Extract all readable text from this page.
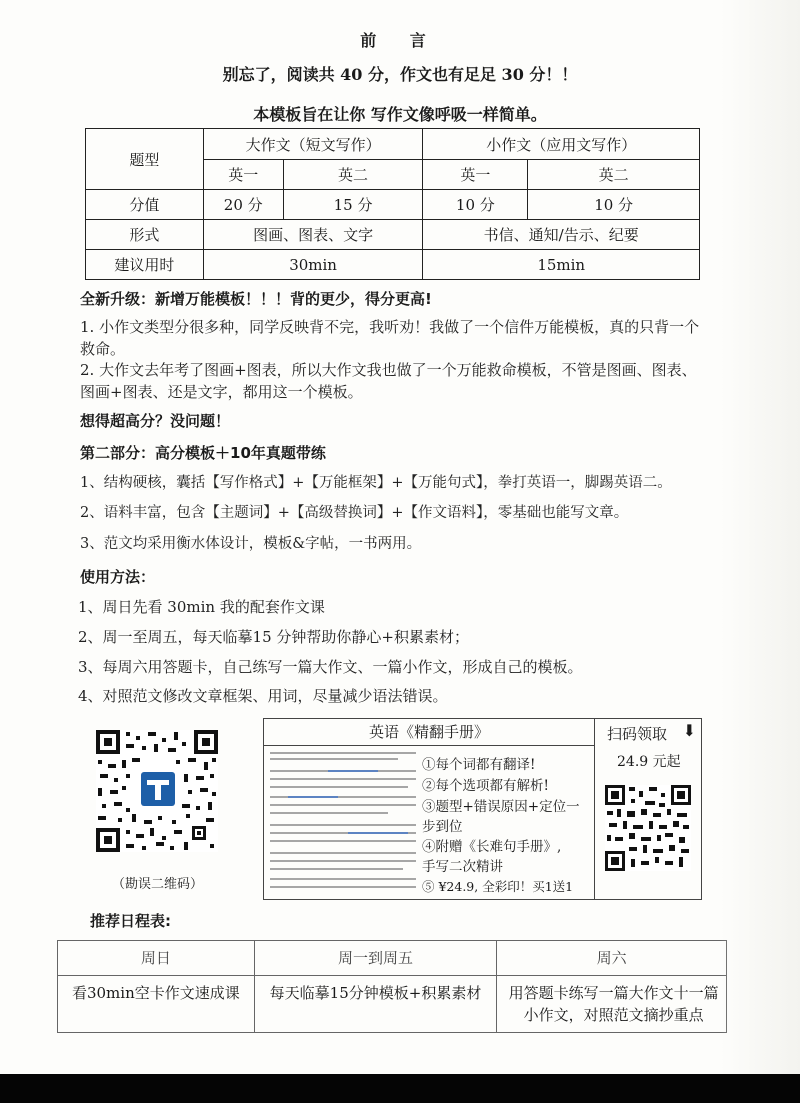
前 言
别忘了，阅读共 40 分，作文也有足足 30 分！！
本模板旨在让你 写作文像呼吸一样简单。
题型	大作文（短文写作）		小作文（应用文写作）	
	英一	英二	英一	英二
分值	20 分	15 分	10 分	10 分
形式	图画、图表、文字		书信、通知/告示、纪要	
建议用时	30min		15min	
全新升级：新增万能模板！！！背的更少，得分更高!
1. 小作文类型分很多种，同学反映背不完，我听劝！我做了一个信件万能模板，真的只背一个救命。
2. 大作文去年考了图画+图表，所以大作文我也做了一个万能救命模板，不管是图画、图表、图画+图表、还是文字，都用这一个模板。
想得超高分？没问题！
第二部分：高分模板＋10年真题带练
1、结构硬核，囊括【写作格式】+【万能框架】+【万能句式】，拳打英语一，脚踢英语二。
2、语料丰富，包含【主题词】+【高级替换词】+【作文语料】，零基础也能写文章。
3、范文均采用衡水体设计，模板&字帖，一书两用。
使用方法：
1、周日先看 30min 我的配套作文课
2、周一至周五，每天临摹15 分钟帮助你静心+积累素材；
3、每周六用答题卡，自己练写一篇大作文、一篇小作文，形成自己的模板。
4、对照范文修改文章框架、用词，尽量减少语法错误。
（勘误二维码）
英语《精翻手册》
①每个词都有翻译!
②每个选项都有解析!
③题型+错误原因+定位一
步到位
④附赠《长难句手册》,
手写二次精讲
⑤ ¥24.9, 全彩印！买1送1
扫码领取 ⬇
24.9 元起
推荐日程表:
周日	周一到周五	周六
看30min空卡作文速成课	每天临摹15分钟模板+积累素材	用答题卡练写一篇大作文十一篇小作文，对照范文摘抄重点
